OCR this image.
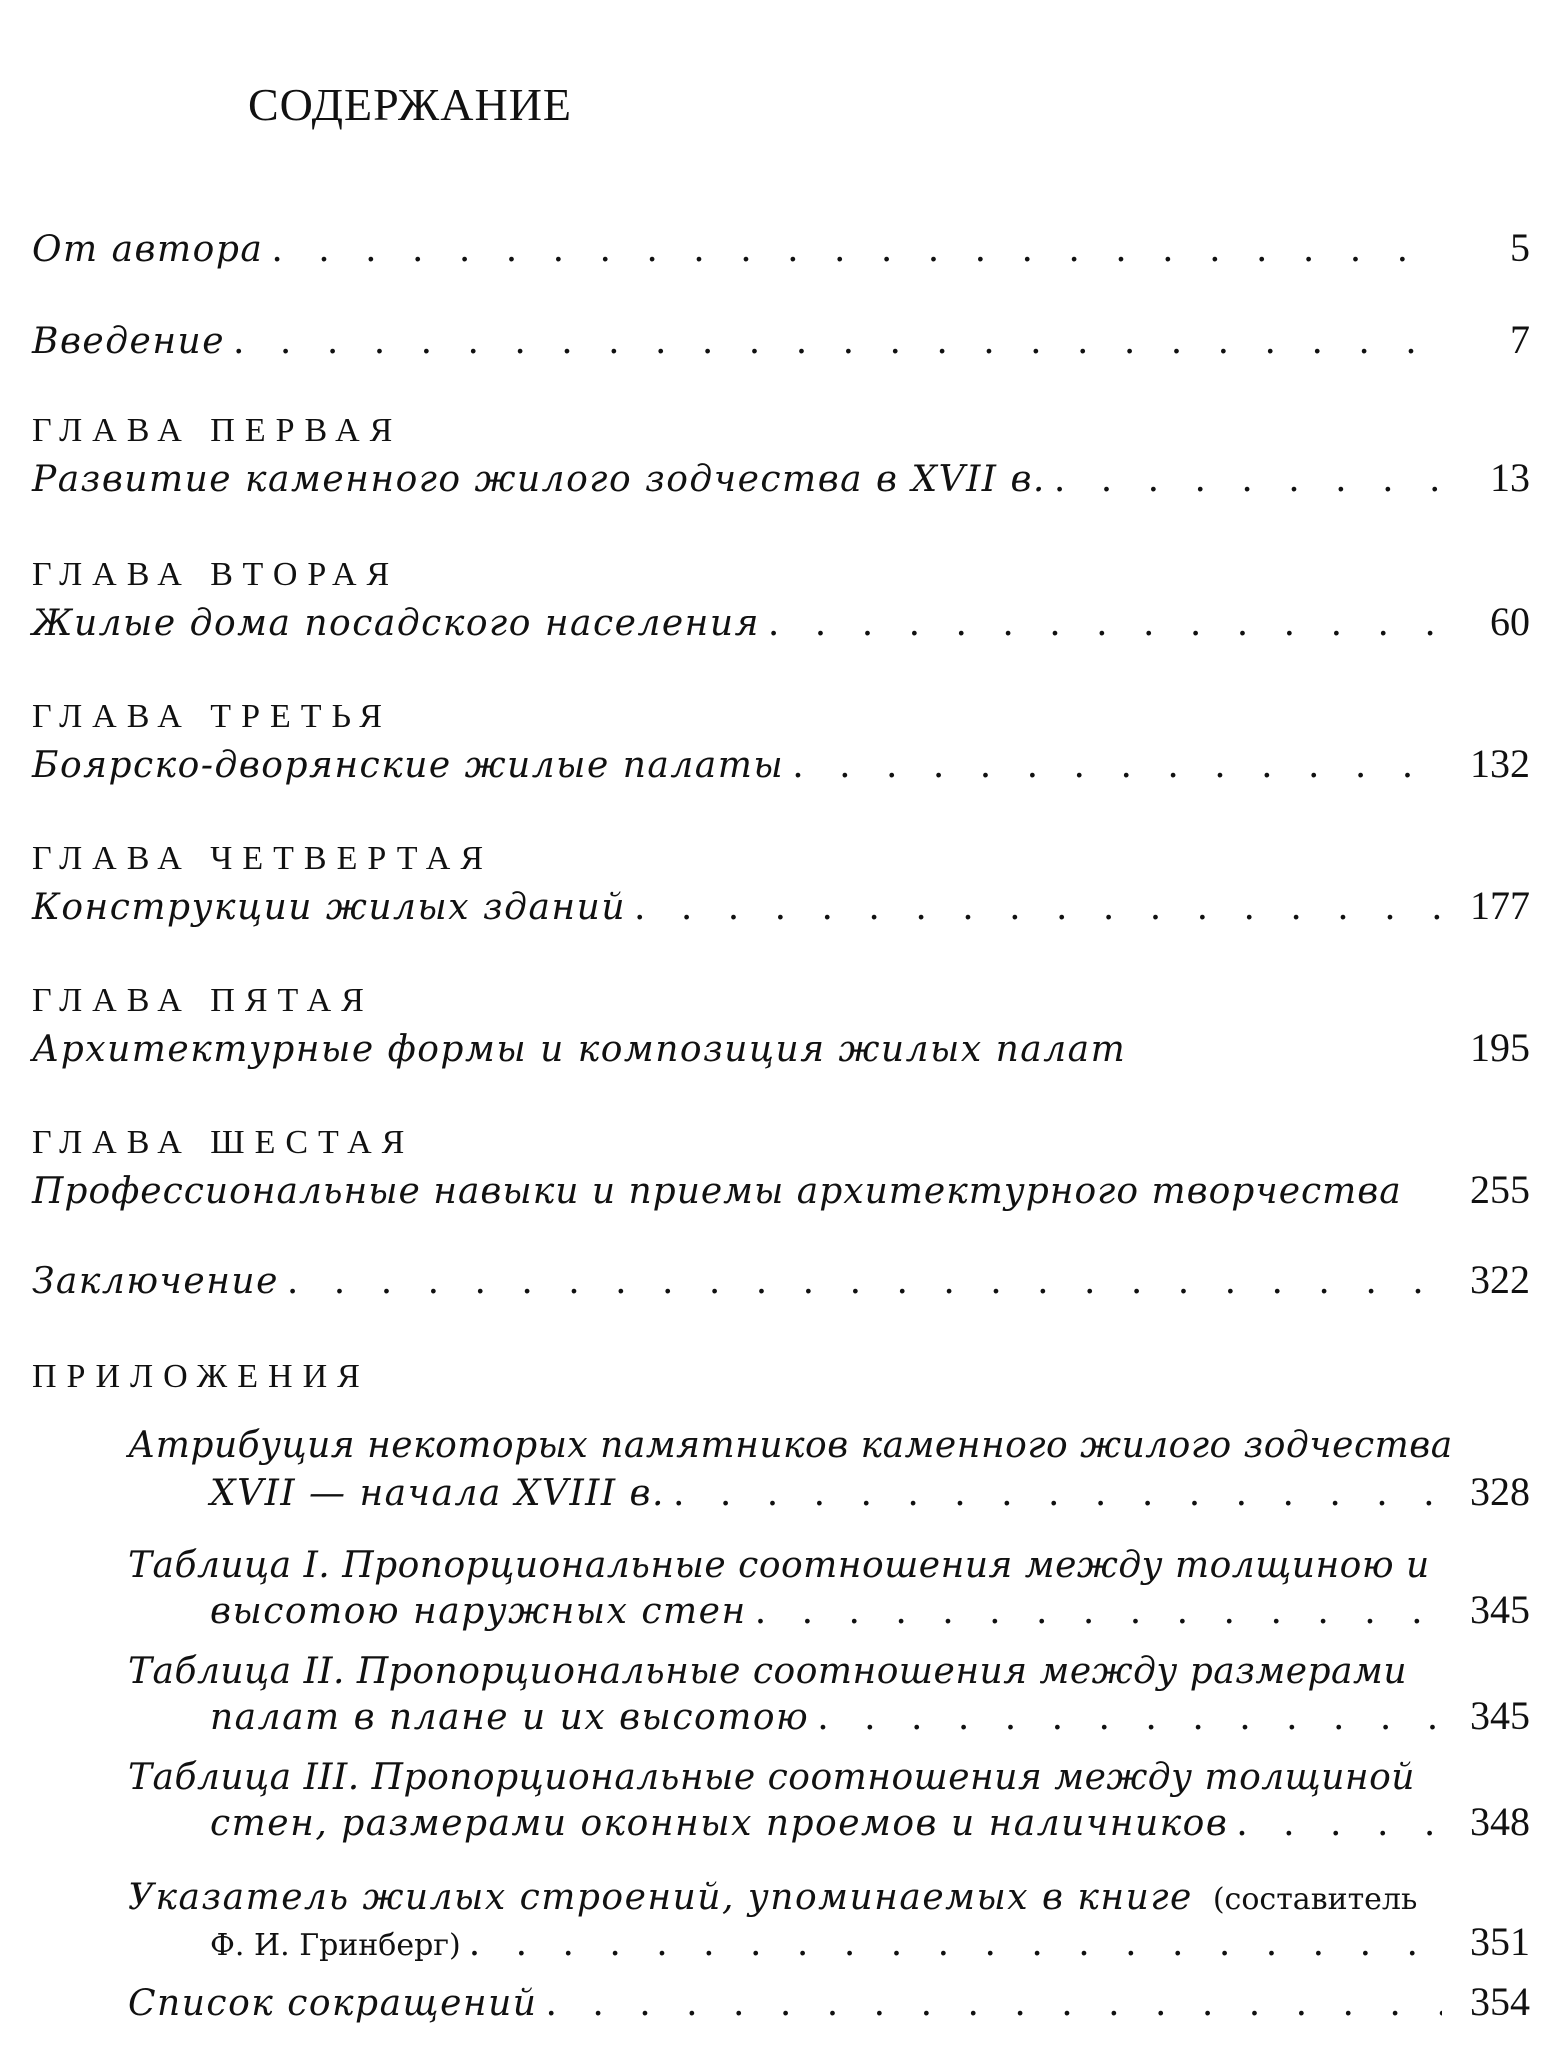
СОДЕРЖАНИЕ
От автора . . .	5
Введение . . .	7
ГЛАВА ПЕРВАЯ
Развитие каменного жилого зодчества в XVII в. . . .	13
ГЛАВА ВТОРАЯ
Жилые дома посадского населения . . .	60
ГЛАВА ТРЕТЬЯ
Боярско-дворянские жилые палаты . . .	132
ГЛАВА ЧЕТВЕРТАЯ
Конструкции жилых зданий . . .	177
ГЛАВА ПЯТАЯ
Архитектурные формы и композиция жилых палат	195
ГЛАВА ШЕСТАЯ
Профессиональные навыки и приемы архитектурного творчества	255
Заключение . . .	322
ПРИЛОЖЕНИЯ
Атрибуция некоторых памятников каменного жилого зодчества
XVII — начала XVIII в. . . .	328
Таблица I. Пропорциональные соотношения между толщиною и
высотою наружных стен . . .	345
Таблица II. Пропорциональные соотношения между размерами
палат в плане и их высотою . . .	345
Таблица III. Пропорциональные соотношения между толщиной
стен, размерами оконных проемов и наличников . . .	348
Указатель жилых строений, упоминаемых в книге (составитель
Ф. И. Гринберг) . . .	351
Список сокращений . . .	354
